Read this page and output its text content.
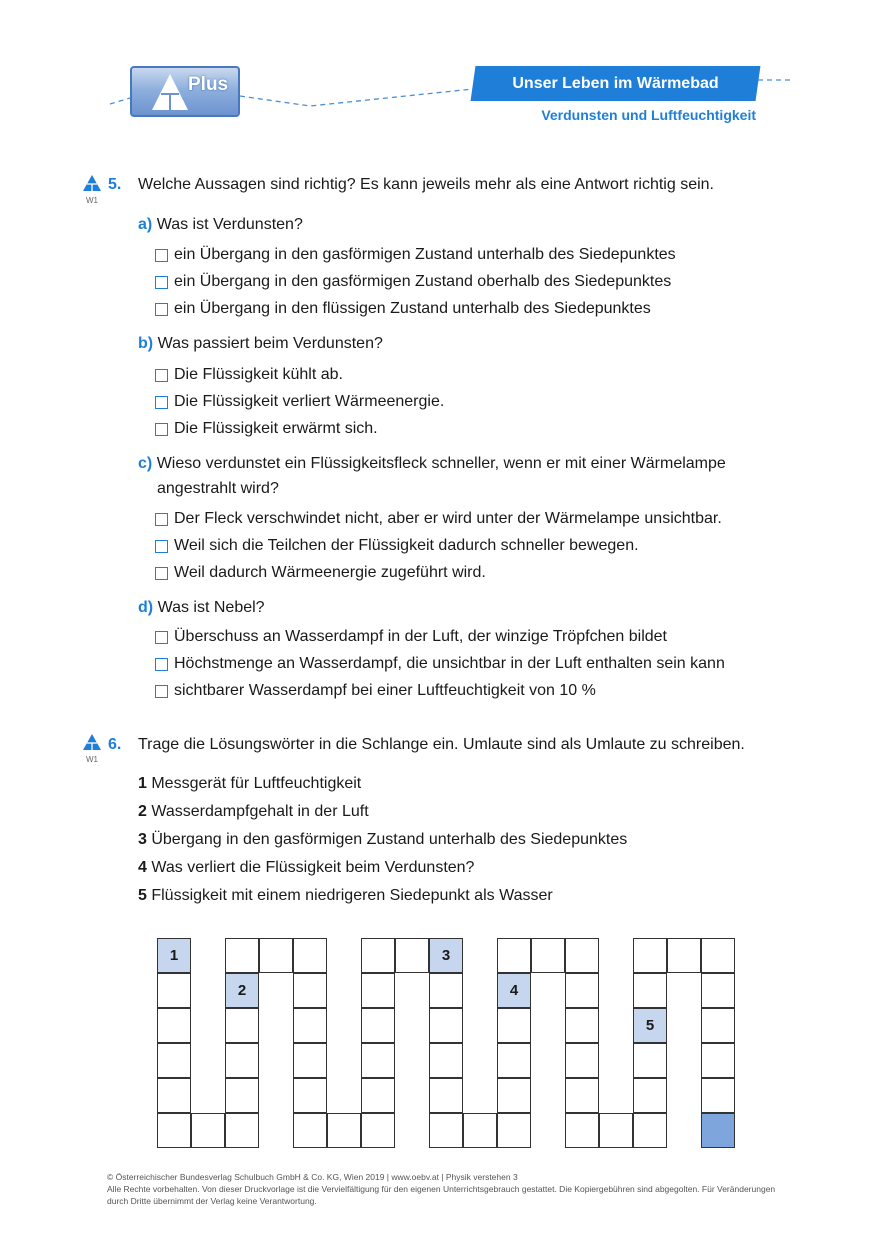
Plus	Unser Leben im Wärmebad
Verdunsten und Luftfeuchtigkeit
W1
5. Welche Aussagen sind richtig? Es kann jeweils mehr als eine Antwort richtig sein.
a) Was ist Verdunsten?
ein Übergang in den gasförmigen Zustand unterhalb des Siedepunktes
ein Übergang in den gasförmigen Zustand oberhalb des Siedepunktes
ein Übergang in den flüssigen Zustand unterhalb des Siedepunktes
b) Was passiert beim Verdunsten?
Die Flüssigkeit kühlt ab.
Die Flüssigkeit verliert Wärmeenergie.
Die Flüssigkeit erwärmt sich.
c) Wieso verdunstet ein Flüssigkeitsfleck schneller, wenn er mit einer Wärmelampe
angestrahlt wird?
Der Fleck verschwindet nicht, aber er wird unter der Wärmelampe unsichtbar.
Weil sich die Teilchen der Flüssigkeit dadurch schneller bewegen.
Weil dadurch Wärmeenergie zugeführt wird.
d) Was ist Nebel?
Überschuss an Wasserdampf in der Luft, der winzige Tröpfchen bildet
Höchstmenge an Wasserdampf, die unsichtbar in der Luft enthalten sein kann
sichtbarer Wasserdampf bei einer Luftfeuchtigkeit von 10 %
W1
6. Trage die Lösungswörter in die Schlange ein. Umlaute sind als Umlaute zu schreiben.
1 Messgerät für Luftfeuchtigkeit
2 Wasserdampfgehalt in der Luft
3 Übergang in den gasförmigen Zustand unterhalb des Siedepunktes
4 Was verliert die Flüssigkeit beim Verdunsten?
5 Flüssigkeit mit einem niedrigeren Siedepunkt als Wasser
1
2
3
4
5
© Österreichischer Bundesverlag Schulbuch GmbH & Co. KG, Wien 2019 | www.oebv.at | Physik verstehen 3
Alle Rechte vorbehalten. Von dieser Druckvorlage ist die Vervielfältigung für den eigenen Unterrichtsgebrauch gestattet. Die Kopiergebühren sind abgegolten. Für Veränderungen durch Dritte übernimmt der Verlag keine Verantwortung.
